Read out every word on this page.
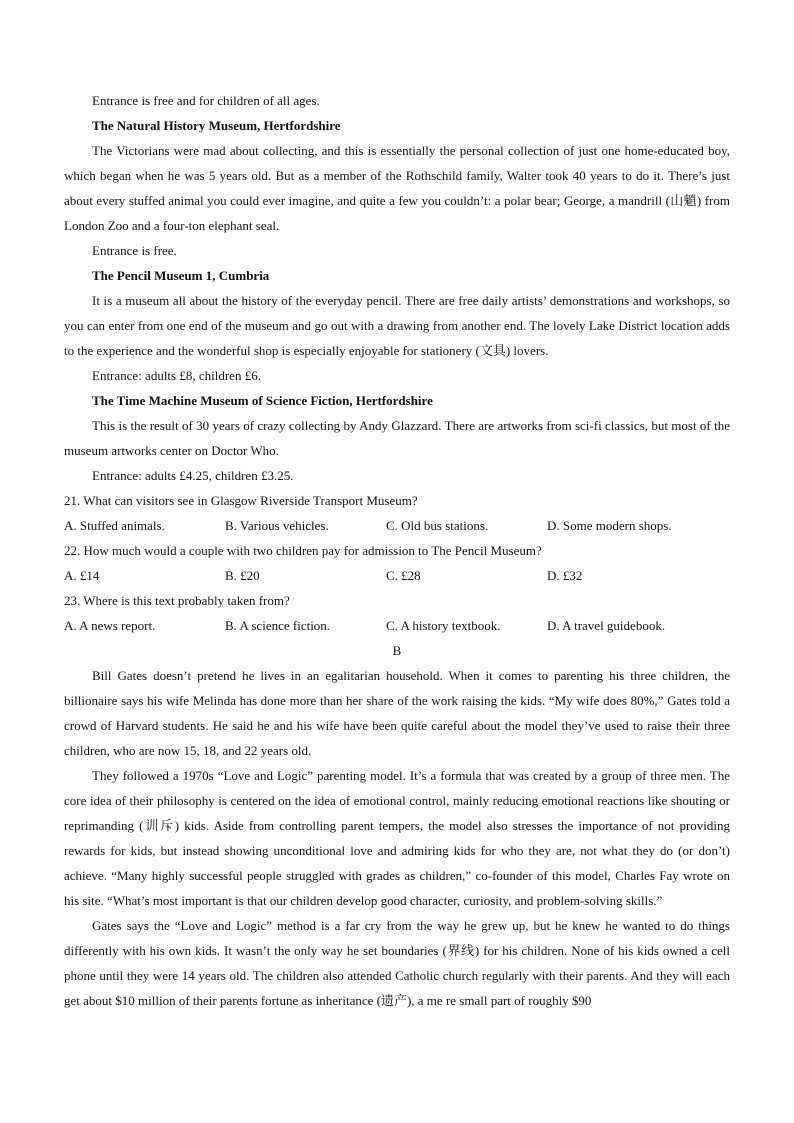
Entrance is free and for children of all ages.

The Natural History Museum, Hertfordshire

The Victorians were mad about collecting, and this is essentially the personal collection of just one home-educated boy, which began when he was 5 years old. But as a member of the Rothschild family, Walter took 40 years to do it. There’s just about every stuffed animal you could ever imagine, and quite a few you couldn’t: a polar bear; George, a mandrill (山魈) from London Zoo and a four-ton elephant seal.

Entrance is free.

The Pencil Museum 1, Cumbria

It is a museum all about the history of the everyday pencil. There are free daily artists’ demonstrations and workshops, so you can enter from one end of the museum and go out with a drawing from another end. The lovely Lake District location adds to the experience and the wonderful shop is especially enjoyable for stationery (文具) lovers.

Entrance: adults £8, children £6.

The Time Machine Museum of Science Fiction, Hertfordshire

This is the result of 30 years of crazy collecting by Andy Glazzard. There are artworks from sci-fi classics, but most of the museum artworks center on Doctor Who.

Entrance: adults £4.25, children £3.25.

21. What can visitors see in Glasgow Riverside Transport Museum?

A. Stuffed animals.	B. Various vehicles.	C. Old bus stations.	D. Some modern shops.

22. How much would a couple with two children pay for admission to The Pencil Museum?

A. £14	B. £20	C. £28	D. £32

23. Where is this text probably taken from?

A. A news report.	B. A science fiction.	C. A history textbook.	D. A travel guidebook.

B

Bill Gates doesn’t pretend he lives in an egalitarian household. When it comes to parenting his three children, the billionaire says his wife Melinda has done more than her share of the work raising the kids. “My wife does 80%,” Gates told a crowd of Harvard students. He said he and his wife have been quite careful about the model they’ve used to raise their three children, who are now 15, 18, and 22 years old.

They followed a 1970s “Love and Logic” parenting model. It’s a formula that was created by a group of three men. The core idea of their philosophy is centered on the idea of emotional control, mainly reducing emotional reactions like shouting or reprimanding (训斥) kids. Aside from controlling parent tempers, the model also stresses the importance of not providing rewards for kids, but instead showing unconditional love and admiring kids for who they are, not what they do (or don’t) achieve. “Many highly successful people struggled with grades as children,” co-founder of this model, Charles Fay wrote on his site. “What’s most important is that our children develop good character, curiosity, and problem-solving skills.”

Gates says the “Love and Logic” method is a far cry from the way he grew up, but he knew he wanted to do things differently with his own kids. It wasn’t the only way he set boundaries (界线) for his children. None of his kids owned a cell phone until they were 14 years old. The children also attended Catholic church regularly with their parents. And they will each get about $10 million of their parents fortune as inheritance (遗产), a me re small part of roughly $90
